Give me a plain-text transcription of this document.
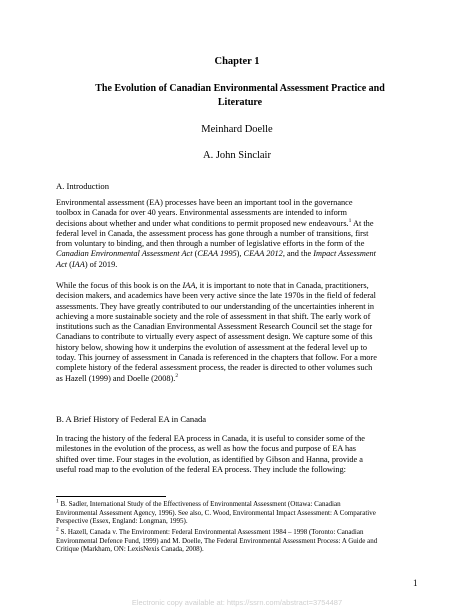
Chapter 1
The Evolution of Canadian Environmental Assessment Practice and
Literature
Meinhard Doelle
A. John Sinclair
A. Introduction
Environmental assessment (EA) processes have been an important tool in the governance
toolbox in Canada for over 40 years. Environmental assessments are intended to inform
decisions about whether and under what conditions to permit proposed new endeavours.$^1$ At the
federal level in Canada, the assessment process has gone through a number of transitions, first
from voluntary to binding, and then through a number of legislative efforts in the form of the
Canadian Environmental Assessment Act (CEAA 1995), CEAA 2012, and the Impact Assessment
Act (IAA) of 2019.
While the focus of this book is on the IAA, it is important to note that in Canada, practitioners,
decision makers, and academics have been very active since the late 1970s in the field of federal
assessments. They have greatly contributed to our understanding of the uncertainties inherent in
achieving a more sustainable society and the role of assessment in that shift. The early work of
institutions such as the Canadian Environmental Assessment Research Council set the stage for
Canadians to contribute to virtually every aspect of assessment design. We capture some of this
history below, showing how it underpins the evolution of assessment at the federal level up to
today. This journey of assessment in Canada is referenced in the chapters that follow. For a more
complete history of the federal assessment process, the reader is directed to other volumes such
as Hazell (1999) and Doelle (2008).$^2$
B. A Brief History of Federal EA in Canada
In tracing the history of the federal EA process in Canada, it is useful to consider some of the
milestones in the evolution of the process, as well as how the focus and purpose of EA has
shifted over time. Four stages in the evolution, as identified by Gibson and Hanna, provide a
useful road map to the evolution of the federal EA process. They include the following:
$^1$ B. Sadler, International Study of the Effectiveness of Environmental Assessment (Ottawa: Canadian
Environmental Assessment Agency, 1996). See also, C. Wood, Environmental Impact Assessment: A Comparative
Perspective (Essex, England: Longman, 1995).
$^2$ S. Hazell, Canada v. The Environment: Federal Environmental Assessment 1984 – 1998 (Toronto: Canadian
Environmental Defence Fund, 1999) and M. Doelle, The Federal Environmental Assessment Process: A Guide and
Critique (Markham, ON: LexisNexis Canada, 2008).
1
Electronic copy available at: https://ssrn.com/abstract=3754487
